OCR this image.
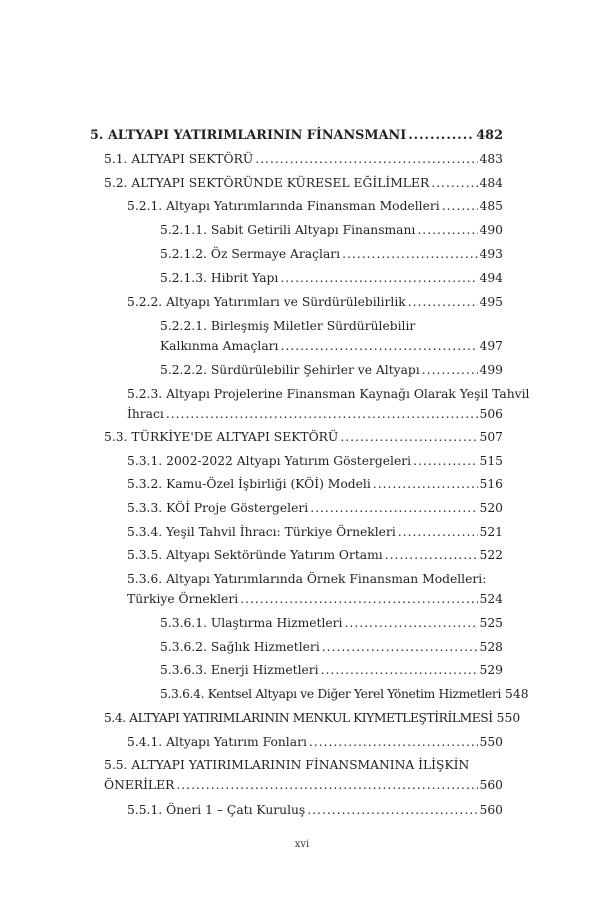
5. ALTYAPI YATIRIMLARININ FİNANSMANI .....	482
5.1. ALTYAPI SEKTÖRÜ .....	483
5.2. ALTYAPI SEKTÖRÜNDE KÜRESEL EĞİLİMLER .....	484
5.2.1. Altyapı Yatırımlarında Finansman Modelleri .....	485
5.2.1.1. Sabit Getirili Altyapı Finansmanı .....	490
5.2.1.2. Öz Sermaye Araçları .....	493
5.2.1.3. Hibrit Yapı .....	494
5.2.2. Altyapı Yatırımları ve Sürdürülebilirlik .....	495
5.2.2.1. Birleşmiş Miletler Sürdürülebilir
Kalkınma Amaçları .....	497
5.2.2.2. Sürdürülebilir Şehirler ve Altyapı .....	499
5.2.3. Altyapı Projelerine Finansman Kaynağı Olarak Yeşil Tahvil
İhracı .....	506
5.3. TÜRKİYE'DE ALTYAPI SEKTÖRÜ .....	507
5.3.1. 2002-2022 Altyapı Yatırım Göstergeleri .....	515
5.3.2. Kamu-Özel İşbirliği (KÖİ) Modeli .....	516
5.3.3. KÖİ Proje Göstergeleri .....	520
5.3.4. Yeşil Tahvil İhracı: Türkiye Örnekleri .....	521
5.3.5. Altyapı Sektöründe Yatırım Ortamı .....	522
5.3.6. Altyapı Yatırımlarında Örnek Finansman Modelleri:
Türkiye Örnekleri .....	524
5.3.6.1. Ulaştırma Hizmetleri .....	525
5.3.6.2. Sağlık Hizmetleri .....	528
5.3.6.3. Enerji Hizmetleri .....	529
5.3.6.4. Kentsel Altyapı ve Diğer Yerel Yönetim Hizmetleri 548
5.4. ALTYAPI YATIRIMLARININ MENKUL KIYMETLEŞTİRİLMESİ 550
5.4.1. Altyapı Yatırım Fonları .....	550
5.5. ALTYAPI YATIRIMLARININ FİNANSMANINA İLİŞKİN
ÖNERİLER .....	560
5.5.1. Öneri 1 – Çatı Kuruluş .....	560
xvi
